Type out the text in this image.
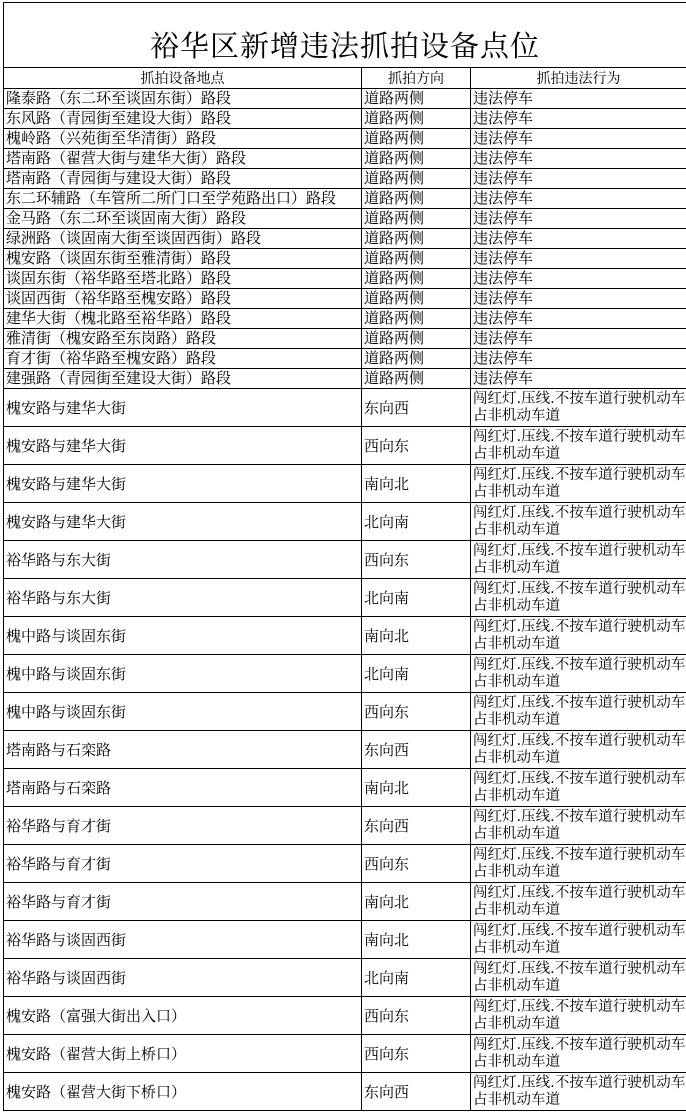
裕华区新增违法抓拍设备点位		
抓拍设备地点	抓拍方向	抓拍违法行为
隆泰路（东二环至谈固东街）路段	道路两侧	违法停车
东风路（青园街至建设大街）路段	道路两侧	违法停车
槐岭路（兴苑街至华清街）路段	道路两侧	违法停车
塔南路（翟营大街与建华大街）路段	道路两侧	违法停车
塔南路（青园街与建设大街）路段	道路两侧	违法停车
东二环辅路（车管所二所门口至学苑路出口）路段	道路两侧	违法停车
金马路（东二环至谈固南大街）路段	道路两侧	违法停车
绿洲路（谈固南大街至谈固西街）路段	道路两侧	违法停车
槐安路（谈固东街至雅清街）路段	道路两侧	违法停车
谈固东街（裕华路至塔北路）路段	道路两侧	违法停车
谈固西街（裕华路至槐安路）路段	道路两侧	违法停车
建华大街（槐北路至裕华路）路段	道路两侧	违法停车
雅清街（槐安路至东岗路）路段	道路两侧	违法停车
育才街（裕华路至槐安路）路段	道路两侧	违法停车
建强路（青园街至建设大街）路段	道路两侧	违法停车
槐安路与建华大街	东向西	闯红灯.压线.不按车道行驶机动车占非机动车道
槐安路与建华大街	西向东	闯红灯.压线.不按车道行驶机动车占非机动车道
槐安路与建华大街	南向北	闯红灯.压线.不按车道行驶机动车占非机动车道
槐安路与建华大街	北向南	闯红灯.压线.不按车道行驶机动车占非机动车道
裕华路与东大街	西向东	闯红灯.压线.不按车道行驶机动车占非机动车道
裕华路与东大街	北向南	闯红灯.压线.不按车道行驶机动车占非机动车道
槐中路与谈固东街	南向北	闯红灯.压线.不按车道行驶机动车占非机动车道
槐中路与谈固东街	北向南	闯红灯.压线.不按车道行驶机动车占非机动车道
槐中路与谈固东街	西向东	闯红灯.压线.不按车道行驶机动车占非机动车道
塔南路与石栾路	东向西	闯红灯.压线.不按车道行驶机动车占非机动车道
塔南路与石栾路	南向北	闯红灯.压线.不按车道行驶机动车占非机动车道
裕华路与育才街	东向西	闯红灯.压线.不按车道行驶机动车占非机动车道
裕华路与育才街	西向东	闯红灯.压线.不按车道行驶机动车占非机动车道
裕华路与育才街	南向北	闯红灯.压线.不按车道行驶机动车占非机动车道
裕华路与谈固西街	南向北	闯红灯.压线.不按车道行驶机动车占非机动车道
裕华路与谈固西街	北向南	闯红灯.压线.不按车道行驶机动车占非机动车道
槐安路（富强大街出入口）	西向东	闯红灯.压线.不按车道行驶机动车占非机动车道
槐安路（翟营大街上桥口）	西向东	闯红灯.压线.不按车道行驶机动车占非机动车道
槐安路（翟营大街下桥口）	东向西	闯红灯.压线.不按车道行驶机动车占非机动车道
